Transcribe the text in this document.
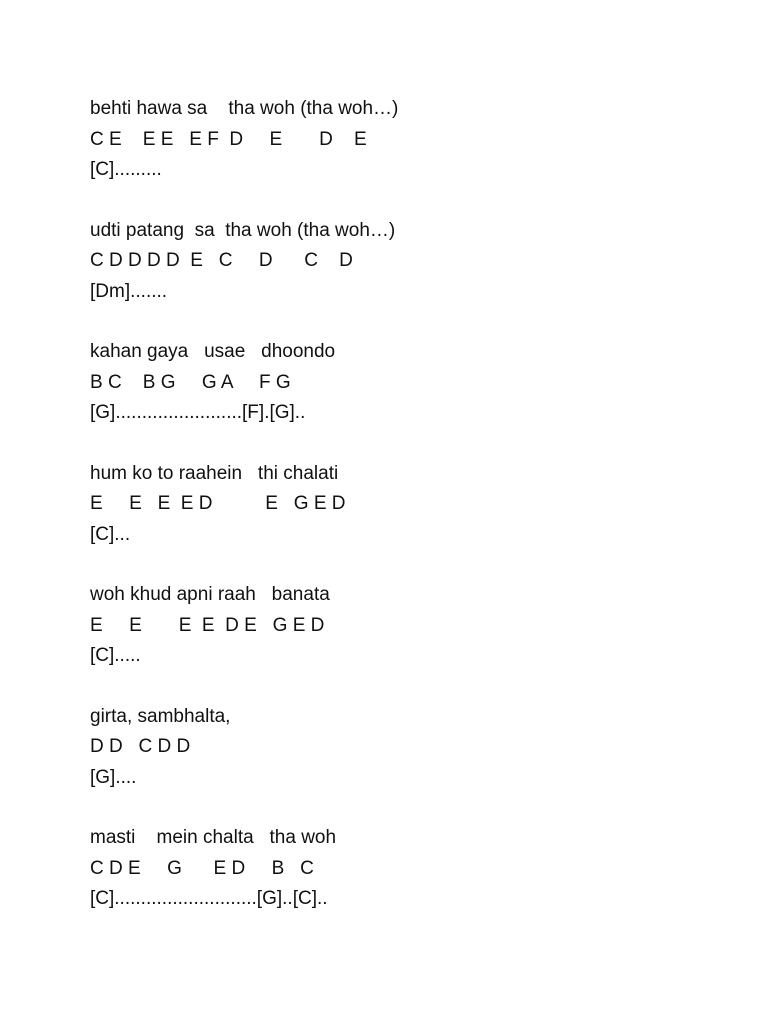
behti hawa sa    tha woh (tha woh…)
C E    E E   E F  D     E       D    E
[C].........
udti patang  sa  tha woh (tha woh…)
C D D D D  E   C     D      C    D
[Dm].......
kahan gaya   usae   dhoondo
B C    B G     G A     F G
[G]........................[F].[G]..
hum ko to raahein   thi chalati
E     E   E  E D          E   G E D
[C]...
woh khud apni raah   banata
E     E       E  E  D E   G E D
[C].....
girta, sambhalta,
D D   C D D
[G]....
masti    mein chalta   tha woh
C D E     G      E D     B   C
[C]...........................[G]..[C]..
